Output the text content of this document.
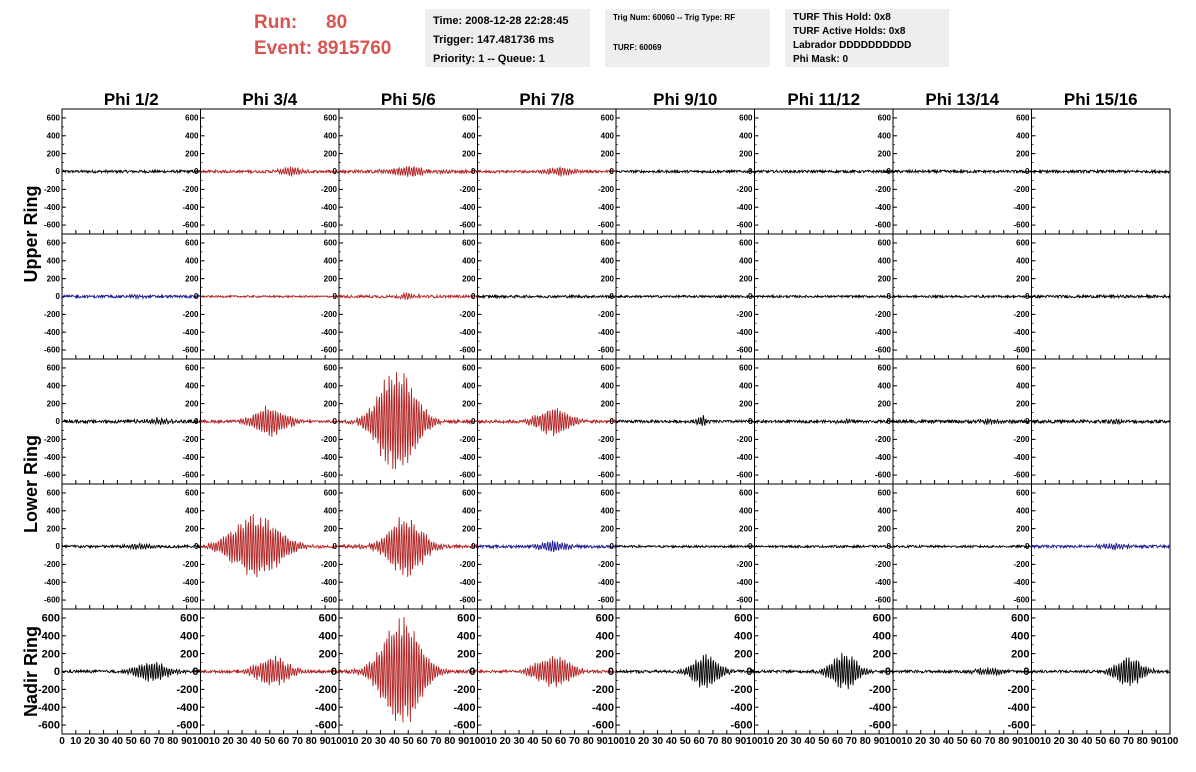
Run: 80
Event: 8915760
Time: 2008-12-28 22:28:45
Trigger: 147.481736 ms
Priority: 1 -- Queue: 1
Trig Num: 60060 -- Trig Type: RF
TURF: 60069
TURF This Hold: 0x8
TURF Active Holds: 0x8
Labrador DDDDDDDDDD
Phi Mask: 0
Phi 1/2	Phi 3/4	Phi 5/6	Phi 7/8	Phi 9/10	Phi 11/12	Phi 13/14	Phi 15/16
Upper Ring
Lower Ring
Nadir Ring
600
400
200
0
-200
-400
-600
600
400
200
0
-200
-400
-600
600
400
200
0
-200
-400
-600
600
400
200
0
-200
-400
-600
600
400
200
0
-200
-400
-600
600
400
200
0
-200
-400
-600
600
400
200
0
-200
-400
-600
600
400
200
0
-200
-400
-600
600
400
200
0
-200
-400
-600
600
400
200
0
-200
-400
-600
600
400
200
0
-200
-400
-600
600
400
200
0
-200
-400
-600
600
400
200
0
-200
-400
-600
600
400
200
0
-200
-400
-600
600
400
200
0
-200
-400
-600
600
400
200
0
-200
-400
-600
600
400
200
0
-200
-400
-600
600
400
200
0
-200
-400
-600
600
400
200
0
-200
-400
-600
600
400
200
0
-200
-400
-600
600
400
200
0
-200
-400
-600
600
400
200
0
-200
-400
-600
600
400
200
0
-200
-400
-600
600
400
200
0
-200
-400
-600
600
400
200
0
-200
-400
-600
600
400
200
0
-200
-400
-600
600
400
200
0
-200
-400
-600
600
400
200
0
-200
-400
-600
600
400
200
0
-200
-400
-600
600
400
200
0
-200
-400
-600
600
400
200
0
-200
-400
-600
600
400
200
0
-200
-400
-600
600
400
200
0
-200
-400
-600
600
400
200
0
-200
-400
-600
600
400
200
0
-200
-400
-600
600
400
200
0
-200
-400
-600
600
400
200
0
-200
-400
-600
600
400
200
0
-200
-400
-600
600
400
200
0
-200
-400
-600
600
400
200
0
-200
-400
-600
0 10 20 30 40 50 60 70 80 90 100 10 20 30 40 50 60 70 80 90 100 10 20 30 40 50 60 70 80 90 100 10 20 30 40 50 60 70 80 90 100 10 20 30 40 50 60 70 80 90 100 10 20 30 40 50 60 70 80 90 100 10 20 30 40 50 60 70 80 90 100 10 20 30 40 50 60 70 80 90 100
